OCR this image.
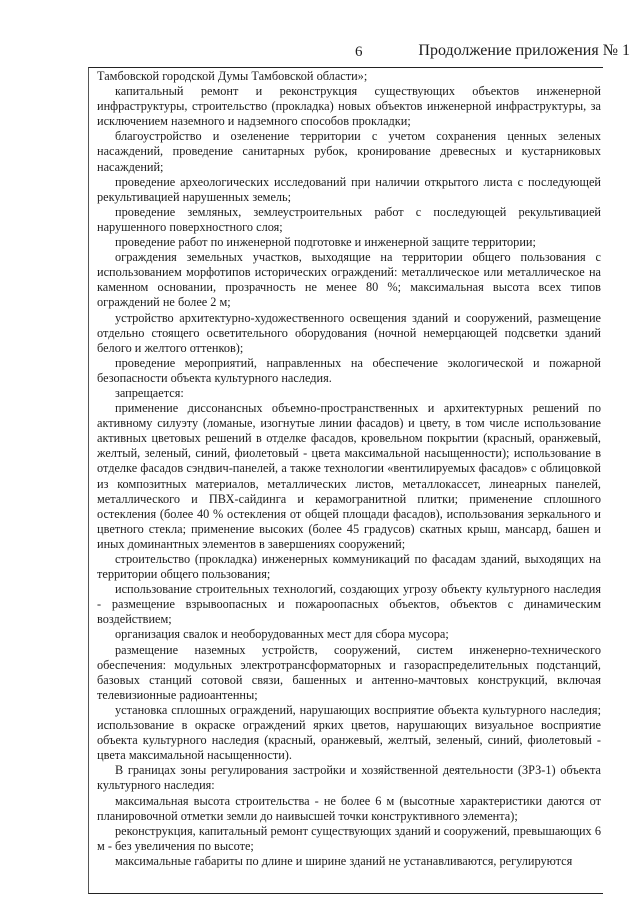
6	Продолжение приложения № 1

Тамбовской городской Думы Тамбовской области»;

капитальный ремонт и реконструкция существующих объектов инженерной инфраструктуры, строительство (прокладка) новых объектов инженерной инфраструктуры, за исключением наземного и надземного способов прокладки;

благоустройство и озеленение территории с учетом сохранения ценных зеленых насаждений, проведение санитарных рубок, кронирование древесных и кустарниковых насаждений;

проведение археологических исследований при наличии открытого листа с последующей рекультивацией нарушенных земель;

проведение земляных, землеустроительных работ с последующей рекультивацией нарушенного поверхностного слоя;

проведение работ по инженерной подготовке и инженерной защите территории;

ограждения земельных участков, выходящие на территории общего пользования с использованием морфотипов исторических ограждений: металлическое или металлическое на каменном основании, прозрачность не менее 80 %; максимальная высота всех типов ограждений не более 2 м;

устройство архитектурно-художественного освещения зданий и сооружений, размещение отдельно стоящего осветительного оборудования (ночной немерцающей подсветки зданий белого и желтого оттенков);

проведение мероприятий, направленных на обеспечение экологической и пожарной безопасности объекта культурного наследия.

запрещается:

применение диссонансных объемно-пространственных и архитектурных решений по активному силуэту (ломаные, изогнутые линии фасадов) и цвету, в том числе использование активных цветовых решений в отделке фасадов, кровельном покрытии (красный, оранжевый, желтый, зеленый, синий, фиолетовый - цвета максимальной насыщенности); использование в отделке фасадов сэндвич-панелей, а также технологии «вентилируемых фасадов» с облицовкой из композитных материалов, металлических листов, металлокассет, линеарных панелей, металлического и ПВХ-сайдинга и керамогранитной плитки; применение сплошного остекления (более 40 % остекления от общей площади фасадов), использования зеркального и цветного стекла; применение высоких (более 45 градусов) скатных крыш, мансард, башен и иных доминантных элементов в завершениях сооружений;

строительство (прокладка) инженерных коммуникаций по фасадам зданий, выходящих на территории общего пользования;

использование строительных технологий, создающих угрозу объекту культурного наследия - размещение взрывоопасных и пожароопасных объектов, объектов с динамическим воздействием;

организация свалок и необорудованных мест для сбора мусора;

размещение наземных устройств, сооружений, систем инженерно-технического обеспечения: модульных электротрансформаторных и газораспределительных подстанций, базовых станций сотовой связи, башенных и антенно-мачтовых конструкций, включая телевизионные радиоантенны;

установка сплошных ограждений, нарушающих восприятие объекта культурного наследия; использование в окраске ограждений ярких цветов, нарушающих визуальное восприятие объекта культурного наследия (красный, оранжевый, желтый, зеленый, синий, фиолетовый - цвета максимальной насыщенности).

В границах зоны регулирования застройки и хозяйственной деятельности (ЗРЗ-1) объекта культурного наследия:

максимальная высота строительства - не более 6 м (высотные характеристики даются от планировочной отметки земли до наивысшей точки конструктивного элемента);

реконструкция, капитальный ремонт существующих зданий и сооружений, превышающих 6 м - без увеличения по высоте;

максимальные габариты по длине и ширине зданий не устанавливаются, регулируются
